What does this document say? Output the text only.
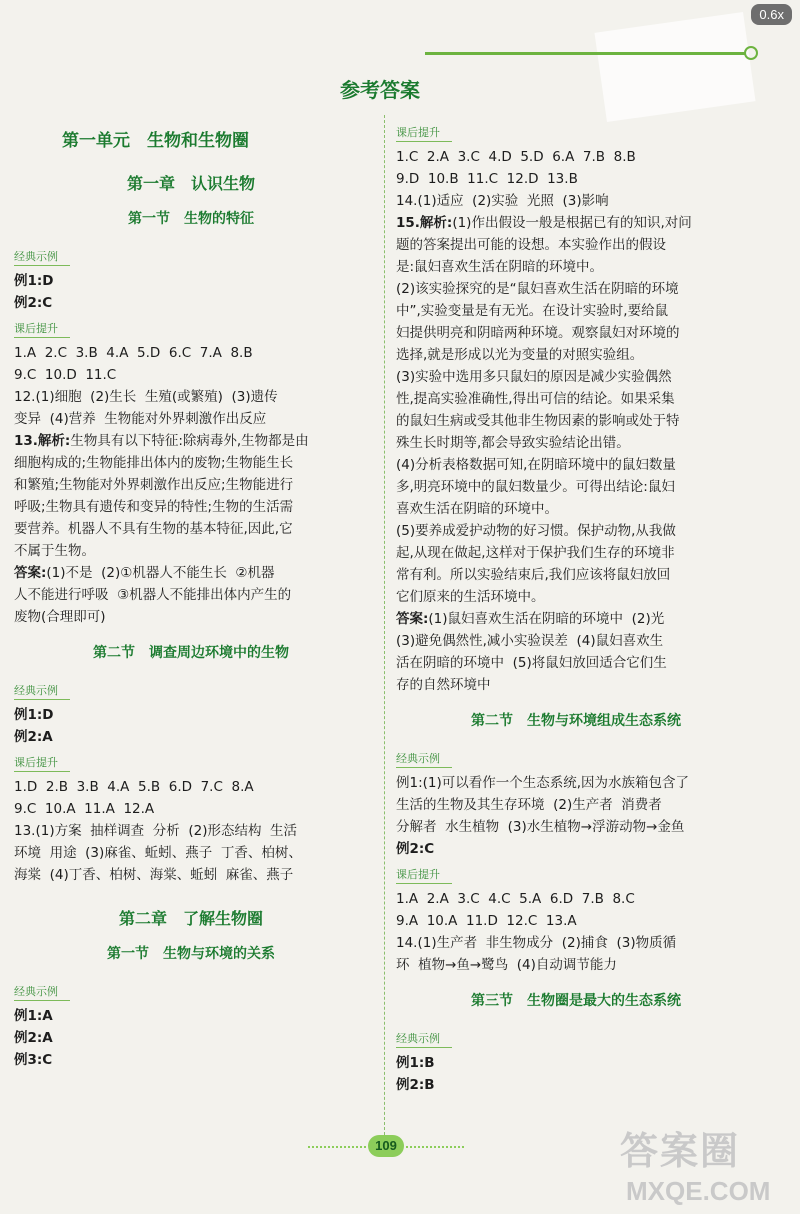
0.6x
参考答案
第一单元　生物和生物圈
第一章　认识生物
第一节　生物的特征
经典示例
例1:D
例2:C
课后提升
1.A  2.C  3.B  4.A  5.D  6.C  7.A  8.B
9.C  10.D  11.C
12.(1)细胞  (2)生长  生殖(或繁殖)  (3)遗传
变异  (4)营养  生物能对外界刺激作出反应
13.解析:生物具有以下特征:除病毒外,生物都是由
细胞构成的;生物能排出体内的废物;生物能生长
和繁殖;生物能对外界刺激作出反应;生物能进行
呼吸;生物具有遗传和变异的特性;生物的生活需
要营养。机器人不具有生物的基本特征,因此,它
不属于生物。
答案:(1)不是  (2)①机器人不能生长  ②机器
人不能进行呼吸  ③机器人不能排出体内产生的
废物(合理即可)
第二节　调查周边环境中的生物
经典示例
例1:D
例2:A
课后提升
1.D  2.B  3.B  4.A  5.B  6.D  7.C  8.A
9.C  10.A  11.A  12.A
13.(1)方案  抽样调查  分析  (2)形态结构  生活
环境  用途  (3)麻雀、蚯蚓、燕子  丁香、柏树、
海棠  (4)丁香、柏树、海棠、蚯蚓  麻雀、燕子
第二章　了解生物圈
第一节　生物与环境的关系
经典示例
例1:A
例2:A
例3:C
课后提升
1.C  2.A  3.C  4.D  5.D  6.A  7.B  8.B
9.D  10.B  11.C  12.D  13.B
14.(1)适应  (2)实验  光照  (3)影响
15.解析:(1)作出假设一般是根据已有的知识,对问
题的答案提出可能的设想。本实验作出的假设
是:鼠妇喜欢生活在阴暗的环境中。
(2)该实验探究的是“鼠妇喜欢生活在阴暗的环境
中”,实验变量是有无光。在设计实验时,要给鼠
妇提供明亮和阴暗两种环境。观察鼠妇对环境的
选择,就是形成以光为变量的对照实验组。
(3)实验中选用多只鼠妇的原因是减少实验偶然
性,提高实验准确性,得出可信的结论。如果采集
的鼠妇生病或受其他非生物因素的影响或处于特
殊生长时期等,都会导致实验结论出错。
(4)分析表格数据可知,在阴暗环境中的鼠妇数量
多,明亮环境中的鼠妇数量少。可得出结论:鼠妇
喜欢生活在阴暗的环境中。
(5)要养成爱护动物的好习惯。保护动物,从我做
起,从现在做起,这样对于保护我们生存的环境非
常有利。所以实验结束后,我们应该将鼠妇放回
它们原来的生活环境中。
答案:(1)鼠妇喜欢生活在阴暗的环境中  (2)光
(3)避免偶然性,减小实验误差  (4)鼠妇喜欢生
活在阴暗的环境中  (5)将鼠妇放回适合它们生
存的自然环境中
第二节　生物与环境组成生态系统
经典示例
例1:(1)可以看作一个生态系统,因为水族箱包含了
生活的生物及其生存环境  (2)生产者  消费者
分解者  水生植物  (3)水生植物→浮游动物→金鱼
例2:C
课后提升
1.A  2.A  3.C  4.C  5.A  6.D  7.B  8.C
9.A  10.A  11.D  12.C  13.A
14.(1)生产者  非生物成分  (2)捕食  (3)物质循
环  植物→鱼→鹭鸟  (4)自动调节能力
第三节　生物圈是最大的生态系统
经典示例
例1:B
例2:B
109	答案圈
MXQE.COM
